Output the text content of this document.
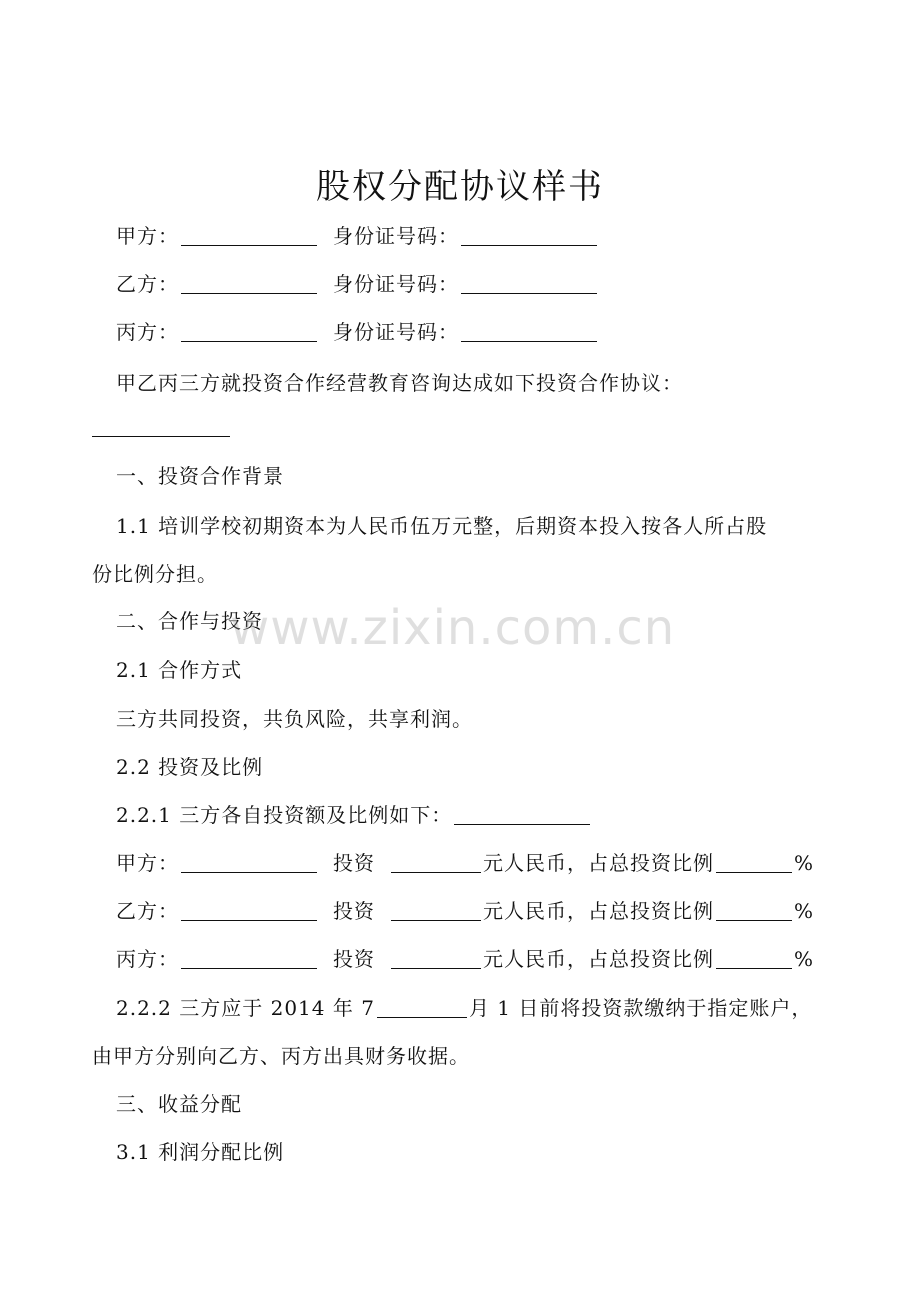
股权分配协议样书
甲方：	身份证号码：
乙方：	身份证号码：
丙方：	身份证号码：
甲乙丙三方就投资合作经营教育咨询达成如下投资合作协议：
一、投资合作背景
1.1 培训学校初期资本为人民币伍万元整，后期资本投入按各人所占股
份比例分担。
二、合作与投资
2.1 合作方式
三方共同投资，共负风险，共享利润。
2.2 投资及比例
2.2.1 三方各自投资额及比例如下：
甲方：	投资	元人民币，占总投资比例	%
乙方：	投资	元人民币，占总投资比例	%
丙方：	投资	元人民币，占总投资比例	%
2.2.2 三方应于 2014 年 7	月 1 日前将投资款缴纳于指定账户，
由甲方分别向乙方、丙方出具财务收据。
三、收益分配
3.1 利润分配比例
www.zixin.com.cn
